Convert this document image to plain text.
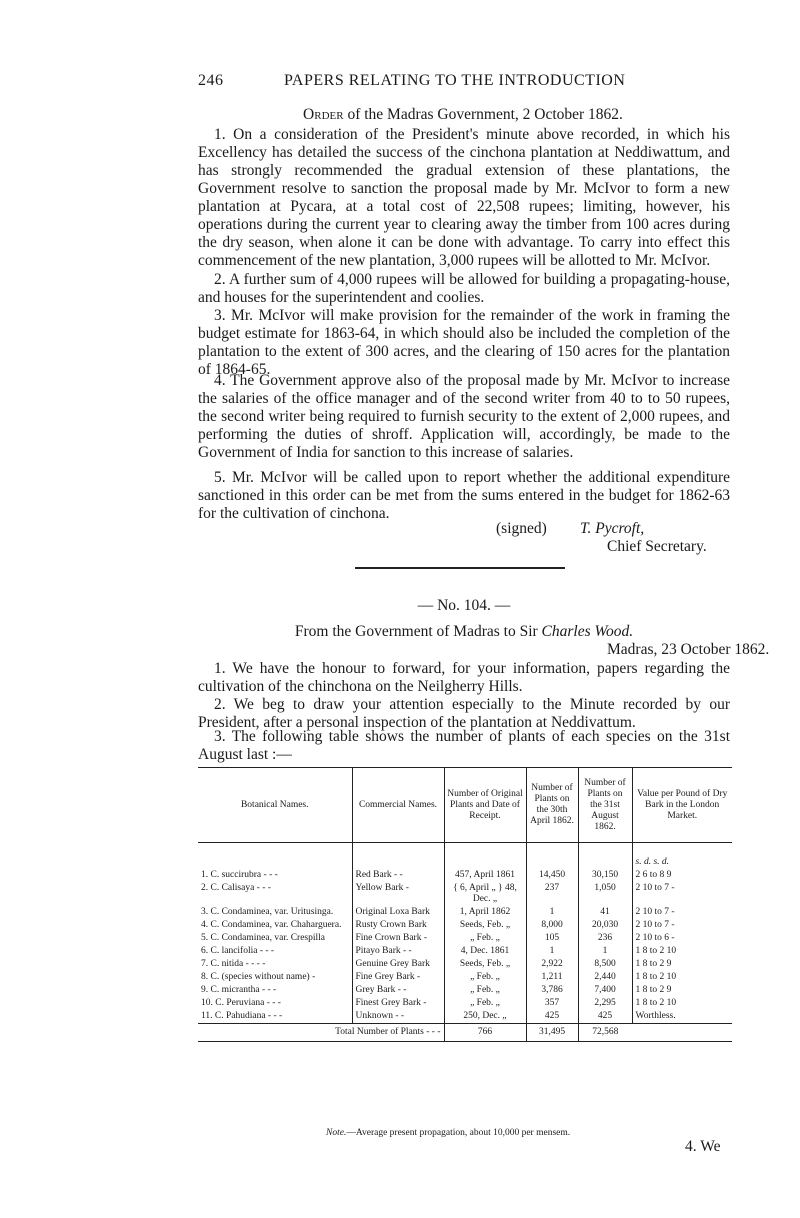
246	PAPERS RELATING TO THE INTRODUCTION
Order of the Madras Government, 2 October 1862.

1. On a consideration of the President's minute above recorded, in which his Excellency has detailed the success of the cinchona plantation at Neddiwattum, and has strongly recommended the gradual extension of these plantations, the Government resolve to sanction the proposal made by Mr. McIvor to form a new plantation at Pycara, at a total cost of 22,508 rupees; limiting, however, his operations during the current year to clearing away the timber from 100 acres during the dry season, when alone it can be done with advantage. To carry into effect this commencement of the new plantation, 3,000 rupees will be allotted to Mr. McIvor.

2. A further sum of 4,000 rupees will be allowed for building a propagating-house, and houses for the superintendent and coolies.

3. Mr. McIvor will make provision for the remainder of the work in framing the budget estimate for 1863-64, in which should also be included the completion of the plantation to the extent of 300 acres, and the clearing of 150 acres for the plantation of 1864-65.

4. The Government approve also of the proposal made by Mr. McIvor to increase the salaries of the office manager and of the second writer from 40 to to 50 rupees, the second writer being required to furnish security to the extent of 2,000 rupees, and performing the duties of shroff. Application will, accordingly, be made to the Government of India for sanction to this increase of salaries.

5. Mr. McIvor will be called upon to report whether the additional expenditure sanctioned in this order can be met from the sums entered in the budget for 1862-63 for the cultivation of cinchona.

(signed) T. Pycroft,
Chief Secretary.
— No. 104. —
From the Government of Madras to Sir Charles Wood.
Madras, 23 October 1862.

1. We have the honour to forward, for your information, papers regarding the cultivation of the chinchona on the Neilgherry Hills.

2. We beg to draw your attention especially to the Minute recorded by our President, after a personal inspection of the plantation at Neddivattum.

3. The following table shows the number of plants of each species on the 31st August last :—

Botanical Names.	Commercial Names.	Number of Original Plants and Date of Receipt.	Number of Plants on the 30th April 1862.	Number of Plants on the 31st August 1862.	Value per Pound of Dry Bark in the London Market.
					s. d. s. d.
1. C. succirubra - - -	Red Bark - -	457, April 1861	14,450	30,150	2 6 to 8 9
2. C. Calisaya - - -	Yellow Bark -	{ 6, April „ } 48, Dec. „	237	1,050	2 10 to 7 -
3. C. Condaminea, var. Uritusinga.	Original Loxa Bark	1, April 1862	1	41	2 10 to 7 -
4. C. Condaminea, var. Chaharguera.	Rusty Crown Bark	Seeds, Feb. „	8,000	20,030	2 10 to 7 -
5. C. Condaminea, var. Crespilla	Fine Crown Bark -	„ Feb. „	105	236	2 10 to 6 -
6. C. lancifolia - - -	Pitayo Bark - -	4, Dec. 1861	1	1	1 8 to 2 10
7. C. nitida - - - -	Genuine Grey Bark	Seeds, Feb. „	2,922	8,500	1 8 to 2 9
8. C. (species without name) -	Fine Grey Bark -	„ Feb. „	1,211	2,440	1 8 to 2 10
9. C. micrantha - - -	Grey Bark - -	„ Feb. „	3,786	7,400	1 8 to 2 9
10. C. Peruviana - - -	Finest Grey Bark -	„ Feb. „	357	2,295	1 8 to 2 10
11. C. Pahudiana - - -	Unknown - -	250, Dec. „	425	425	Worthless.
Total Number of Plants - - -		766	31,495	72,568	
Note.—Average present propagation, about 10,000 per mensem.
4. We
